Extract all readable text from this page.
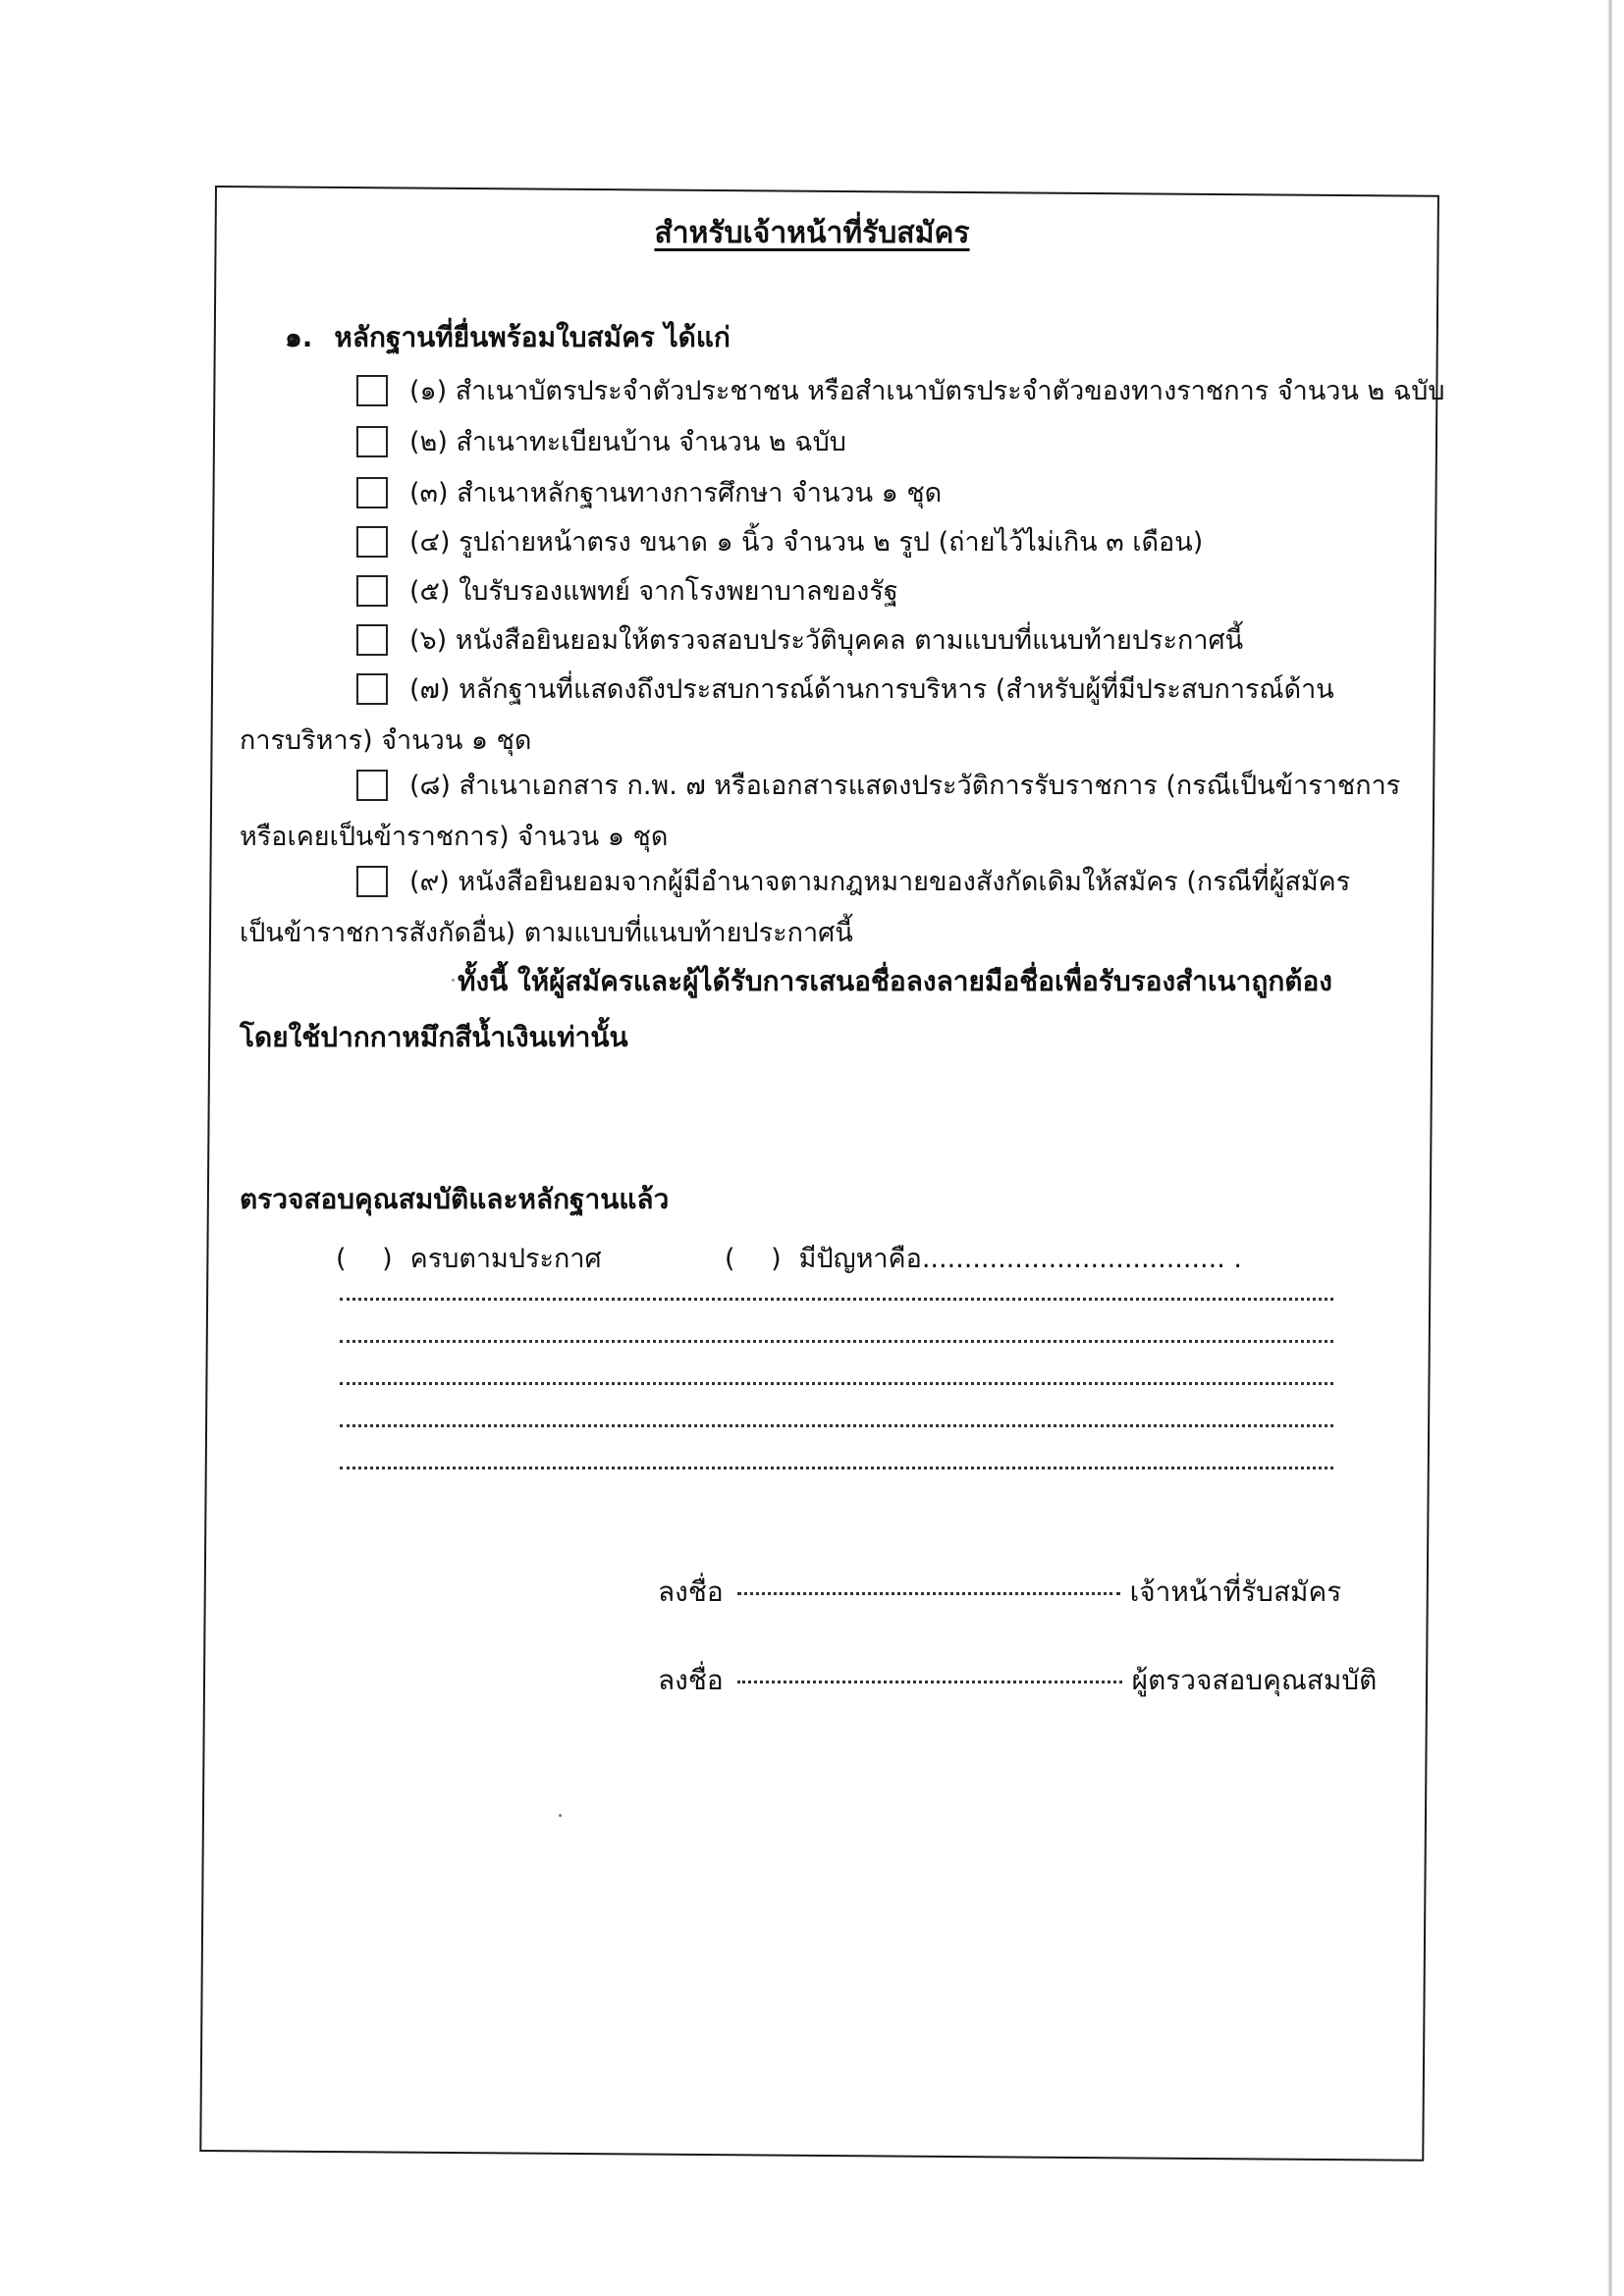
สำหรับเจ้าหน้าที่รับสมัคร
๑. หลักฐานที่ยื่นพร้อมใบสมัคร ได้แก่
(๑) สำเนาบัตรประจำตัวประชาชน หรือสำเนาบัตรประจำตัวของทางราชการ จำนวน ๒ ฉบับ
(๒) สำเนาทะเบียนบ้าน จำนวน ๒ ฉบับ
(๓) สำเนาหลักฐานทางการศึกษา จำนวน ๑ ชุด
(๔) รูปถ่ายหน้าตรง ขนาด ๑ นิ้ว จำนวน ๒ รูป (ถ่ายไว้ไม่เกิน ๓ เดือน)
(๕) ใบรับรองแพทย์ จากโรงพยาบาลของรัฐ
(๖) หนังสือยินยอมให้ตรวจสอบประวัติบุคคล ตามแบบที่แนบท้ายประกาศนี้
(๗) หลักฐานที่แสดงถึงประสบการณ์ด้านการบริหาร (สำหรับผู้ที่มีประสบการณ์ด้าน
การบริหาร) จำนวน ๑ ชุด
(๘) สำเนาเอกสาร ก.พ. ๗ หรือเอกสารแสดงประวัติการรับราชการ (กรณีเป็นข้าราชการ
หรือเคยเป็นข้าราชการ) จำนวน ๑ ชุด
(๙) หนังสือยินยอมจากผู้มีอำนาจตามกฎหมายของสังกัดเดิมให้สมัคร (กรณีที่ผู้สมัคร
เป็นข้าราชการสังกัดอื่น) ตามแบบที่แนบท้ายประกาศนี้
ทั้งนี้ ให้ผู้สมัครและผู้ได้รับการเสนอชื่อลงลายมือชื่อเพื่อรับรองสำเนาถูกต้อง
โดยใช้ปากกาหมึกสีน้ำเงินเท่านั้น
ตรวจสอบคุณสมบัติและหลักฐานแล้ว
( ) ครบตามประกาศ	( ) มีปัญหาคือ.................................... .
ลงชื่อ	เจ้าหน้าที่รับสมัคร
ลงชื่อ	ผู้ตรวจสอบคุณสมบัติ
